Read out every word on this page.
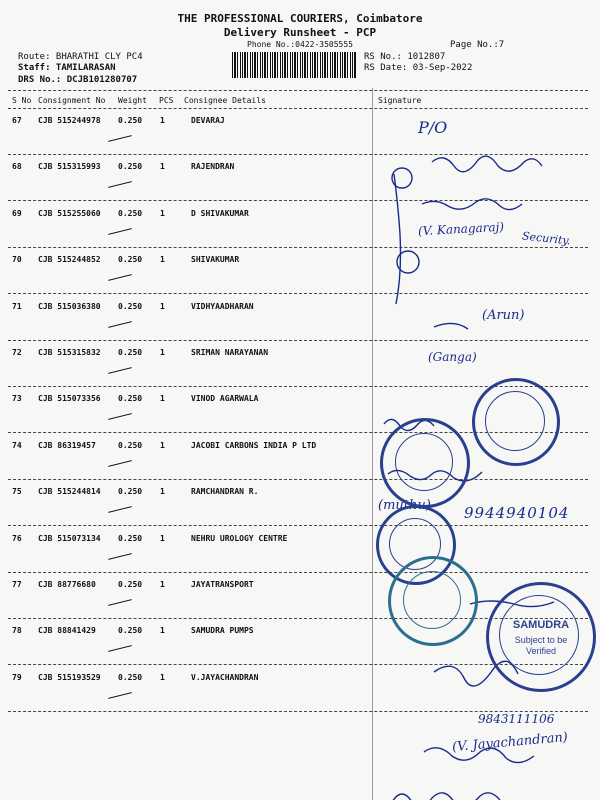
THE PROFESSIONAL COURIERS, Coimbatore
Delivery Runsheet - PCP
Phone No.:0422-3505555	Page No.:7
Route: BHARATHI CLY PC4
Staff: TAMILARASAN
DRS No.: DCJB101280707
RS No.: 1012807
RS Date: 03-Sep-2022
S No Consignment No Weight PCS Consignee Details	Signature
67 CJB 515244978 0.250 1	DEVARAJ
68 CJB 515315993 0.250 1	RAJENDRAN
69 CJB 515255060 0.250 1	D SHIVAKUMAR
70 CJB 515244852 0.250 1	SHIVAKUMAR
71 CJB 515036380 0.250 1	VIDHYAADHARAN
72 CJB 515315832 0.250 1	SRIMAN NARAYANAN
73 CJB 515073356 0.250 1	VINOD AGARWALA
74 CJB 86319457	0.250 1	JACOBI CARBONS INDIA P LTD
75 CJB 515244814 0.250 1	RAMCHANDRAN R.
76 CJB 515073134 0.250 1	NEHRU UROLOGY CENTRE
77 CJB 88776680	0.250 1	JAYATRANSPORT
78 CJB 88841429	0.250 1	SAMUDRA PUMPS
79 CJB 515193529 0.250 1	V.JAYACHANDRAN
P/O
(V. Kanagaraj)
Security.
(Arun)
(Ganga)
(muthu) 9944940104
9843111106
(V. Jayachandran)
SAMUDRA
Subject to be
Verified
